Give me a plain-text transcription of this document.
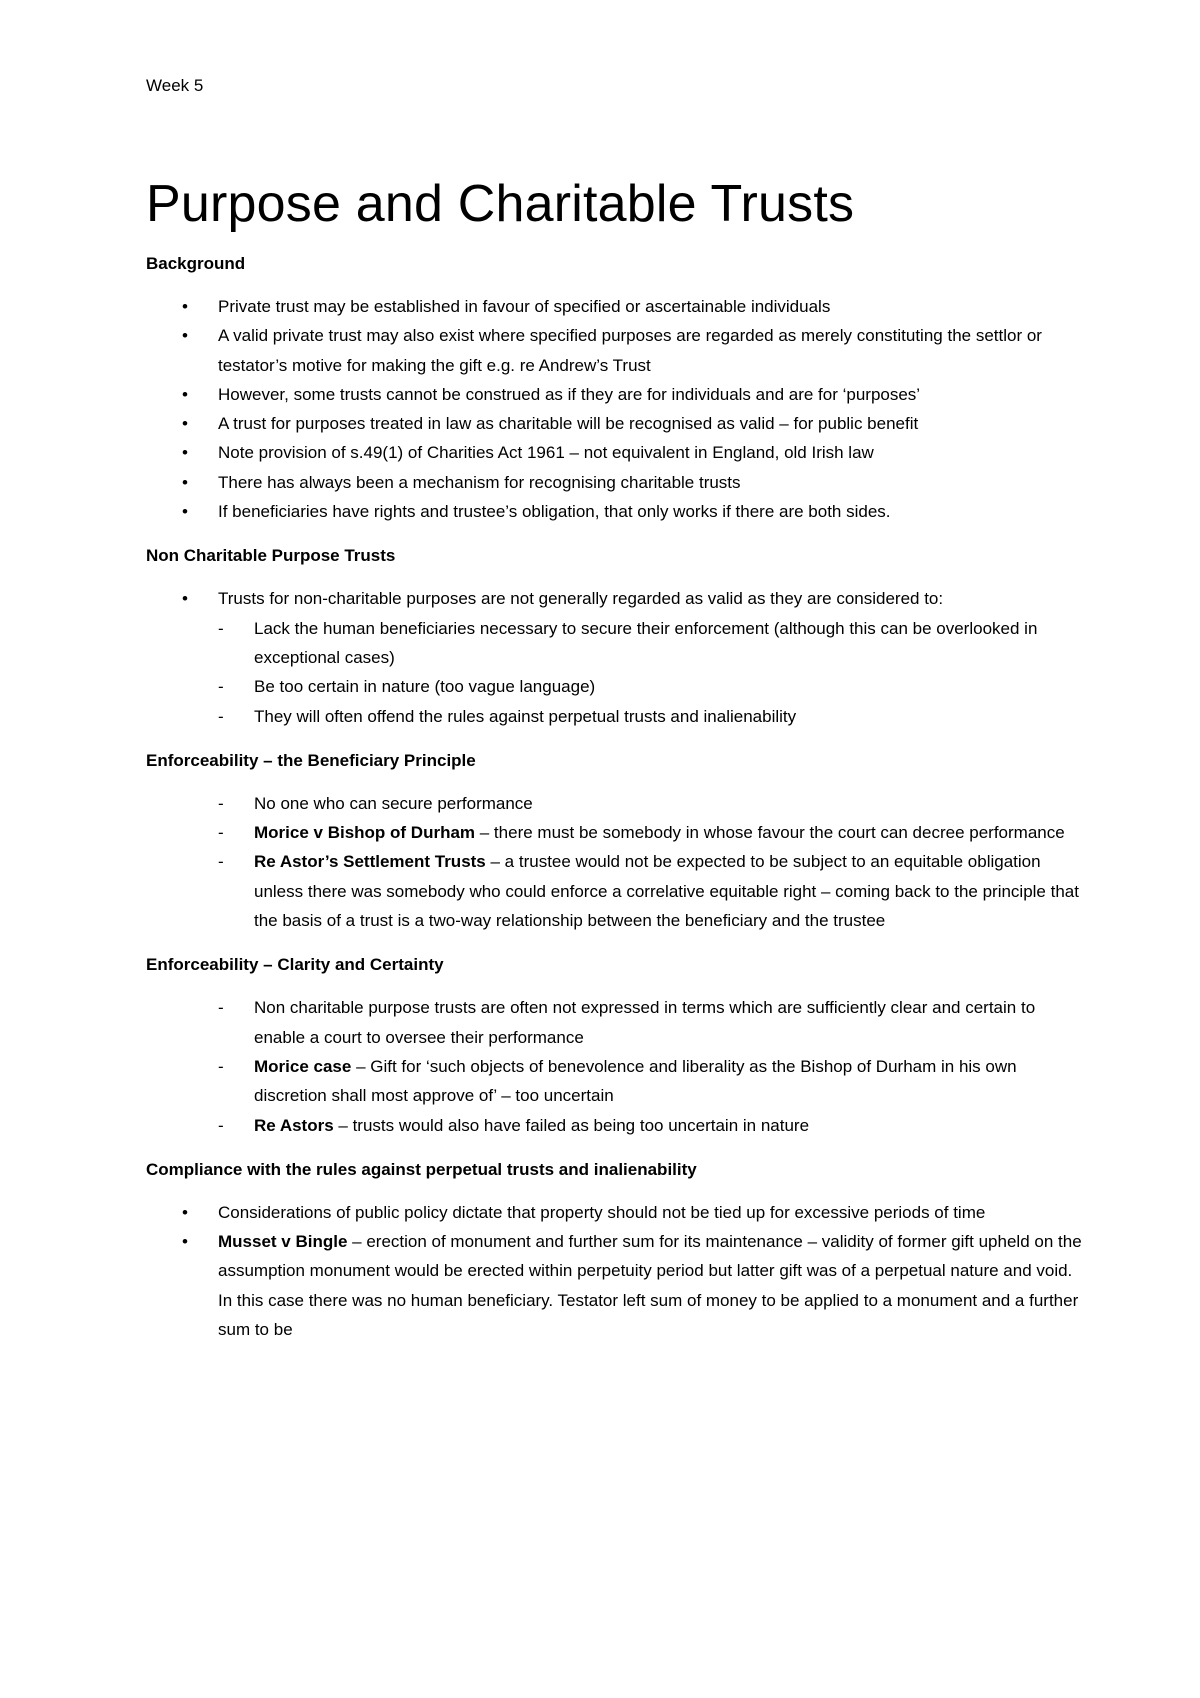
Week 5

Purpose and Charitable Trusts
Background
• Private trust may be established in favour of specified or ascertainable individuals
• A valid private trust may also exist where specified purposes are regarded as merely constituting the settlor or testator’s motive for making the gift e.g. re Andrew’s Trust
• However, some trusts cannot be construed as if they are for individuals and are for ‘purposes’
• A trust for purposes treated in law as charitable will be recognised as valid – for public benefit
• Note provision of s.49(1) of Charities Act 1961 – not equivalent in England, old Irish law
• There has always been a mechanism for recognising charitable trusts
• If beneficiaries have rights and trustee’s obligation, that only works if there are both sides.
Non Charitable Purpose Trusts
• Trusts for non-charitable purposes are not generally regarded as valid as they are considered to:
- Lack the human beneficiaries necessary to secure their enforcement (although this can be overlooked in exceptional cases)
- Be too certain in nature (too vague language)
- They will often offend the rules against perpetual trusts and inalienability
Enforceability – the Beneficiary Principle
- No one who can secure performance
- Morice v Bishop of Durham – there must be somebody in whose favour the court can decree performance
- Re Astor’s Settlement Trusts – a trustee would not be expected to be subject to an equitable obligation unless there was somebody who could enforce a correlative equitable right – coming back to the principle that the basis of a trust is a two-way relationship between the beneficiary and the trustee
Enforceability – Clarity and Certainty
- Non charitable purpose trusts are often not expressed in terms which are sufficiently clear and certain to enable a court to oversee their performance
- Morice case – Gift for ‘such objects of benevolence and liberality as the Bishop of Durham in his own discretion shall most approve of’ – too uncertain
- Re Astors – trusts would also have failed as being too uncertain in nature
Compliance with the rules against perpetual trusts and inalienability
• Considerations of public policy dictate that property should not be tied up for excessive periods of time
• Musset v Bingle – erection of monument and further sum for its maintenance – validity of former gift upheld on the assumption monument would be erected within perpetuity period but latter gift was of a perpetual nature and void. In this case there was no human beneficiary. Testator left sum of money to be applied to a monument and a further sum to be
